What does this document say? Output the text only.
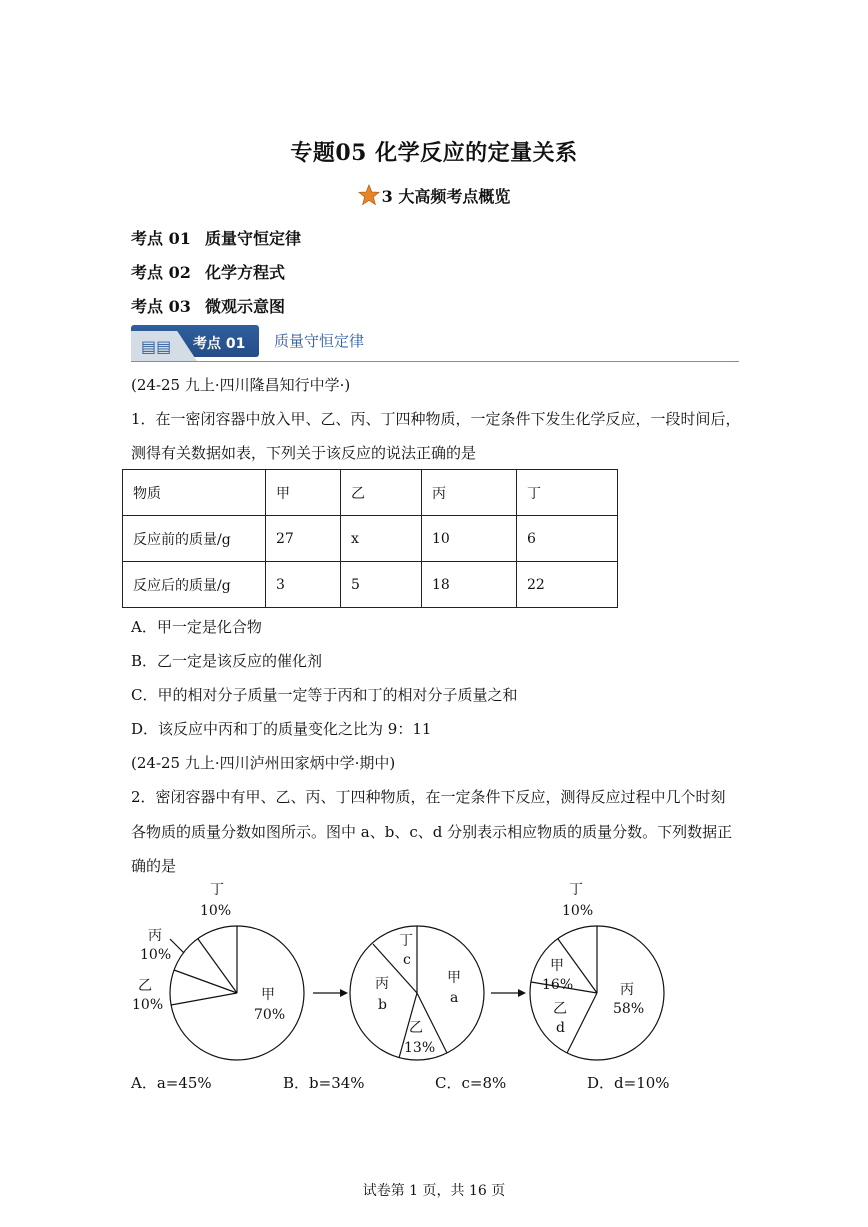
专题05 化学反应的定量关系
3 大高频考点概览
考点 01 质量守恒定律
考点 02 化学方程式
考点 03 微观示意图
▤▤ 考点 01 质量守恒定律
(24-25 九上·四川隆昌知行中学·)
1．在一密闭容器中放入甲、乙、丙、丁四种物质，一定条件下发生化学反应，一段时间后，
测得有关数据如表，下列关于该反应的说法正确的是
物质	甲	乙	丙	丁
反应前的质量/g	27	x	10	6
反应后的质量/g	3	5	18	22
A．甲一定是化合物
B．乙一定是该反应的催化剂
C．甲的相对分子质量一定等于丙和丁的相对分子质量之和
D．该反应中丙和丁的质量变化之比为 9：11
(24-25 九上·四川泸州田家炳中学·期中)
2．密闭容器中有甲、乙、丙、丁四种物质，在一定条件下反应，测得反应过程中几个时刻
各物质的质量分数如图所示。图中 a、b、c、d 分别表示相应物质的质量分数。下列数据正
确的是
丁
10%
丙
10%
乙
10%
甲
70%
丁
c
丙
b
甲
a
乙
13%
丁
10%
甲
16%
乙
d
丙
58%
A．a=45%	B．b=34%	C．c=8%	D．d=10%
试卷第 1 页，共 16 页
